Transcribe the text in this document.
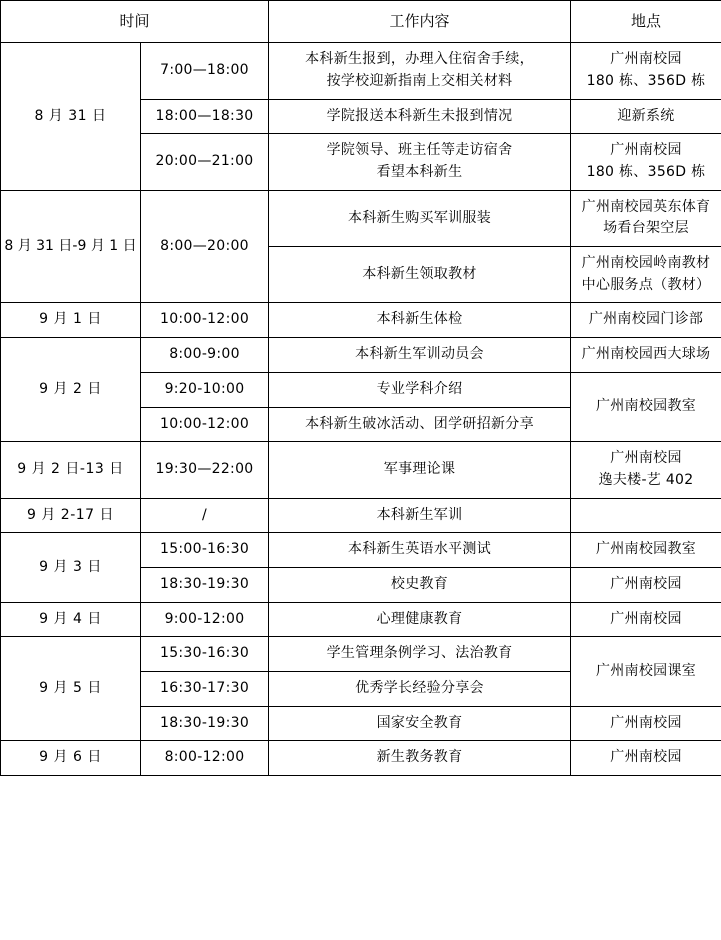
时间		工作内容	地点

8 月 31 日	7:00—18:00	本科新生报到，办理入住宿舍手续，
按学校迎新指南上交相关材料	广州南校园
180 栋、356D 栋

	18:00—18:30	学院报送本科新生未报到情况	迎新系统

	20:00—21:00	学院领导、班主任等走访宿舍
看望本科新生	广州南校园
180 栋、356D 栋

8 月 31 日-9 月 1 日	8:00—20:00	本科新生购买军训服装	广州南校园英东体育
场看台架空层

		本科新生领取教材	广州南校园岭南教材
中心服务点（教材）

9 月 1 日	10:00-12:00	本科新生体检	广州南校园门诊部

9 月 2 日	8:00-9:00	本科新生军训动员会	广州南校园西大球场

	9:20-10:00	专业学科介绍	广州南校园教室

	10:00-12:00	本科新生破冰活动、团学研招新分享	

9 月 2 日-13 日	19:30—22:00	军事理论课	广州南校园
逸夫楼-艺 402

9 月 2-17 日	/	本科新生军训	

9 月 3 日	15:00-16:30	本科新生英语水平测试	广州南校园教室

	18:30-19:30	校史教育	广州南校园

9 月 4 日	9:00-12:00	心理健康教育	广州南校园

9 月 5 日	15:30-16:30	学生管理条例学习、法治教育	广州南校园课室

	16:30-17:30	优秀学长经验分享会	

	18:30-19:30	国家安全教育	广州南校园

9 月 6 日	8:00-12:00	新生教务教育	广州南校园
